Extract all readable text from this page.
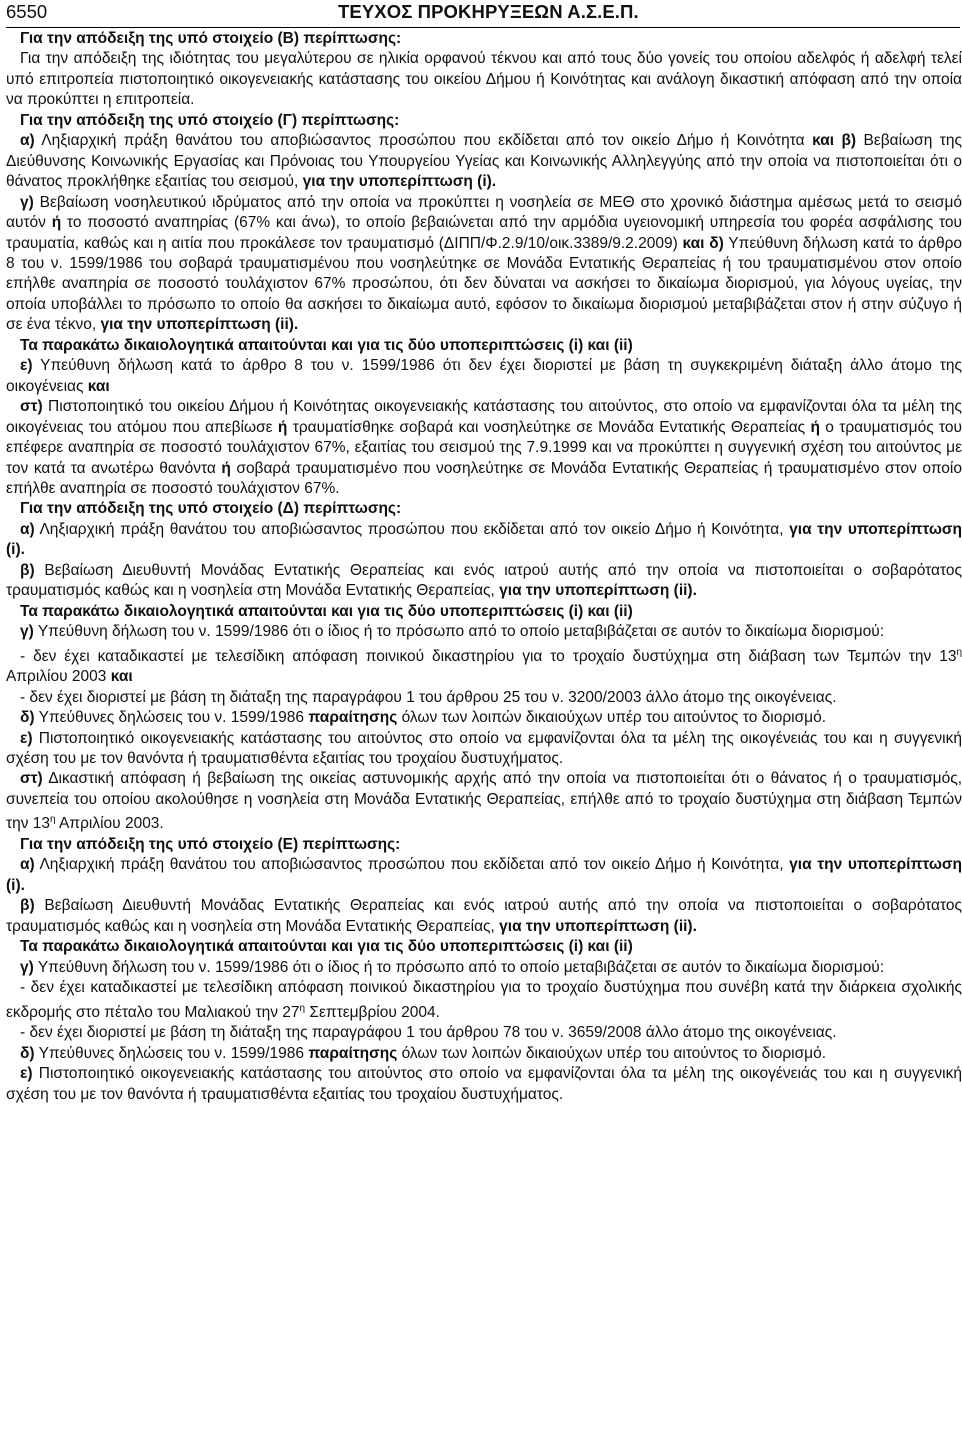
6550	ΤΕΥΧΟΣ ΠΡΟΚΗΡΥΞΕΩΝ Α.Σ.Ε.Π.

Για την απόδειξη της υπό στοιχείο (Β) περίπτωσης:

Για την απόδειξη της ιδιότητας του μεγαλύτερου σε ηλικία ορφανού τέκνου και από τους δύο γονείς του οποίου αδελφός ή αδελφή τελεί υπό επιτροπεία πιστοποιητικό οικογενειακής κατάστασης του οικείου Δήμου ή Κοινότητας και ανάλογη δικαστική απόφαση από την οποία να προκύπτει η επιτροπεία.

Για την απόδειξη της υπό στοιχείο (Γ) περίπτωσης:

α) Ληξιαρχική πράξη θανάτου του αποβιώσαντος προσώπου που εκδίδεται από τον οικείο Δήμο ή Κοινότητα και β) Βεβαίωση της Διεύθυνσης Κοινωνικής Εργασίας και Πρόνοιας του Υπουργείου Υγείας και Κοινωνικής Αλληλεγγύης από την οποία να πιστοποιείται ότι ο θάνατος προκλήθηκε εξαιτίας του σεισμού, για την υποπερίπτωση (i).

γ) Βεβαίωση νοσηλευτικού ιδρύματος από την οποία να προκύπτει η νοσηλεία σε ΜΕΘ στο χρονικό διάστημα αμέσως μετά το σεισμό αυτόν ή το ποσοστό αναπηρίας (67% και άνω), το οποίο βεβαιώνεται από την αρμόδια υγειονομική υπηρεσία του φορέα ασφάλισης του τραυματία, καθώς και η αιτία που προκάλεσε τον τραυματισμό (ΔΙΠΠ/Φ.2.9/10/οικ.3389/9.2.2009) και δ) Υπεύθυνη δήλωση κατά το άρθρο 8 του ν. 1599/1986 του σοβαρά τραυματισμένου που νοσηλεύτηκε σε Μονάδα Εντατικής Θεραπείας ή του τραυματισμένου στον οποίο επήλθε αναπηρία σε ποσοστό τουλάχιστον 67% προσώπου, ότι δεν δύναται να ασκήσει το δικαίωμα διορισμού, για λόγους υγείας, την οποία υποβάλλει το πρόσωπο το οποίο θα ασκήσει το δικαίωμα αυτό, εφόσον το δικαίωμα διορισμού μεταβιβάζεται στον ή στην σύζυγο ή σε ένα τέκνο, για την υποπερίπτωση (ii).

Τα παρακάτω δικαιολογητικά απαιτούνται και για τις δύο υποπεριπτώσεις (i) και (ii)

ε) Υπεύθυνη δήλωση κατά το άρθρο 8 του ν. 1599/1986 ότι δεν έχει διοριστεί με βάση τη συγκεκριμένη διάταξη άλλο άτομο της οικογένειας και

στ) Πιστοποιητικό του οικείου Δήμου ή Κοινότητας οικογενειακής κατάστασης του αιτούντος, στο οποίο να εμφανίζονται όλα τα μέλη της οικογένειας του ατόμου που απεβίωσε ή τραυματίσθηκε σοβαρά και νοσηλεύτηκε σε Μονάδα Εντατικής Θεραπείας ή ο τραυματισμός του επέφερε αναπηρία σε ποσοστό τουλάχιστον 67%, εξαιτίας του σεισμού της 7.9.1999 και να προκύπτει η συγγενική σχέση του αιτούντος με τον κατά τα ανωτέρω θανόντα ή σοβαρά τραυματισμένο που νοσηλεύτηκε σε Μονάδα Εντατικής Θεραπείας ή τραυματισμένο στον οποίο επήλθε αναπηρία σε ποσοστό τουλάχιστον 67%.

Για την απόδειξη της υπό στοιχείο (Δ) περίπτωσης:

α) Ληξιαρχική πράξη θανάτου του αποβιώσαντος προσώπου που εκδίδεται από τον οικείο Δήμο ή Κοινότητα, για την υποπερίπτωση (i).

β) Βεβαίωση Διευθυντή Μονάδας Εντατικής Θεραπείας και ενός ιατρού αυτής από την οποία να πιστοποιείται ο σοβαρότατος τραυματισμός καθώς και η νοσηλεία στη Μονάδα Εντατικής Θεραπείας, για την υποπερίπτωση (ii).

Τα παρακάτω δικαιολογητικά απαιτούνται και για τις δύο υποπεριπτώσεις (i) και (ii)

γ) Υπεύθυνη δήλωση του ν. 1599/1986 ότι ο ίδιος ή το πρόσωπο από το οποίο μεταβιβάζεται σε αυτόν το δικαίωμα διορισμού:

- δεν έχει καταδικαστεί με τελεσίδικη απόφαση ποινικού δικαστηρίου για το τροχαίο δυστύχημα στη διάβαση των Τεμπών την $13^\eta$ Απριλίου 2003 και

- δεν έχει διοριστεί με βάση τη διάταξη της παραγράφου 1 του άρθρου 25 του ν. 3200/2003 άλλο άτομο της οικογένειας.

δ) Υπεύθυνες δηλώσεις του ν. 1599/1986 παραίτησης όλων των λοιπών δικαιούχων υπέρ του αιτούντος το διορισμό.

ε) Πιστοποιητικό οικογενειακής κατάστασης του αιτούντος στο οποίο να εμφανίζονται όλα τα μέλη της οικογένειάς του και η συγγενική σχέση του με τον θανόντα ή τραυματισθέντα εξαιτίας του τροχαίου δυστυχήματος.

στ) Δικαστική απόφαση ή βεβαίωση της οικείας αστυνομικής αρχής από την οποία να πιστοποιείται ότι ο θάνατος ή ο τραυματισμός, συνεπεία του οποίου ακολούθησε η νοσηλεία στη Μονάδα Εντατικής Θεραπείας, επήλθε από το τροχαίο δυστύχημα στη διάβαση Τεμπών την $13^\eta$ Απριλίου 2003.

Για την απόδειξη της υπό στοιχείο (Ε) περίπτωσης:

α) Ληξιαρχική πράξη θανάτου του αποβιώσαντος προσώπου που εκδίδεται από τον οικείο Δήμο ή Κοινότητα, για την υποπερίπτωση (i).

β) Βεβαίωση Διευθυντή Μονάδας Εντατικής Θεραπείας και ενός ιατρού αυτής από την οποία να πιστοποιείται ο σοβαρότατος τραυματισμός καθώς και η νοσηλεία στη Μονάδα Εντατικής Θεραπείας, για την υποπερίπτωση (ii).

Τα παρακάτω δικαιολογητικά απαιτούνται και για τις δύο υποπεριπτώσεις (i) και (ii)

γ) Υπεύθυνη δήλωση του ν. 1599/1986 ότι ο ίδιος ή το πρόσωπο από το οποίο μεταβιβάζεται σε αυτόν το δικαίωμα διορισμού:

- δεν έχει καταδικαστεί με τελεσίδικη απόφαση ποινικού δικαστηρίου για το τροχαίο δυστύχημα που συνέβη κατά την διάρκεια σχολικής εκδρομής στο πέταλο του Μαλιακού την $27^\eta$ Σεπτεμβρίου 2004.

- δεν έχει διοριστεί με βάση τη διάταξη της παραγράφου 1 του άρθρου 78 του ν. 3659/2008 άλλο άτομο της οικογένειας.

δ) Υπεύθυνες δηλώσεις του ν. 1599/1986 παραίτησης όλων των λοιπών δικαιούχων υπέρ του αιτούντος το διορισμό.

ε) Πιστοποιητικό οικογενειακής κατάστασης του αιτούντος στο οποίο να εμφανίζονται όλα τα μέλη της οικογένειάς του και η συγγενική σχέση του με τον θανόντα ή τραυματισθέντα εξαιτίας του τροχαίου δυστυχήματος.
